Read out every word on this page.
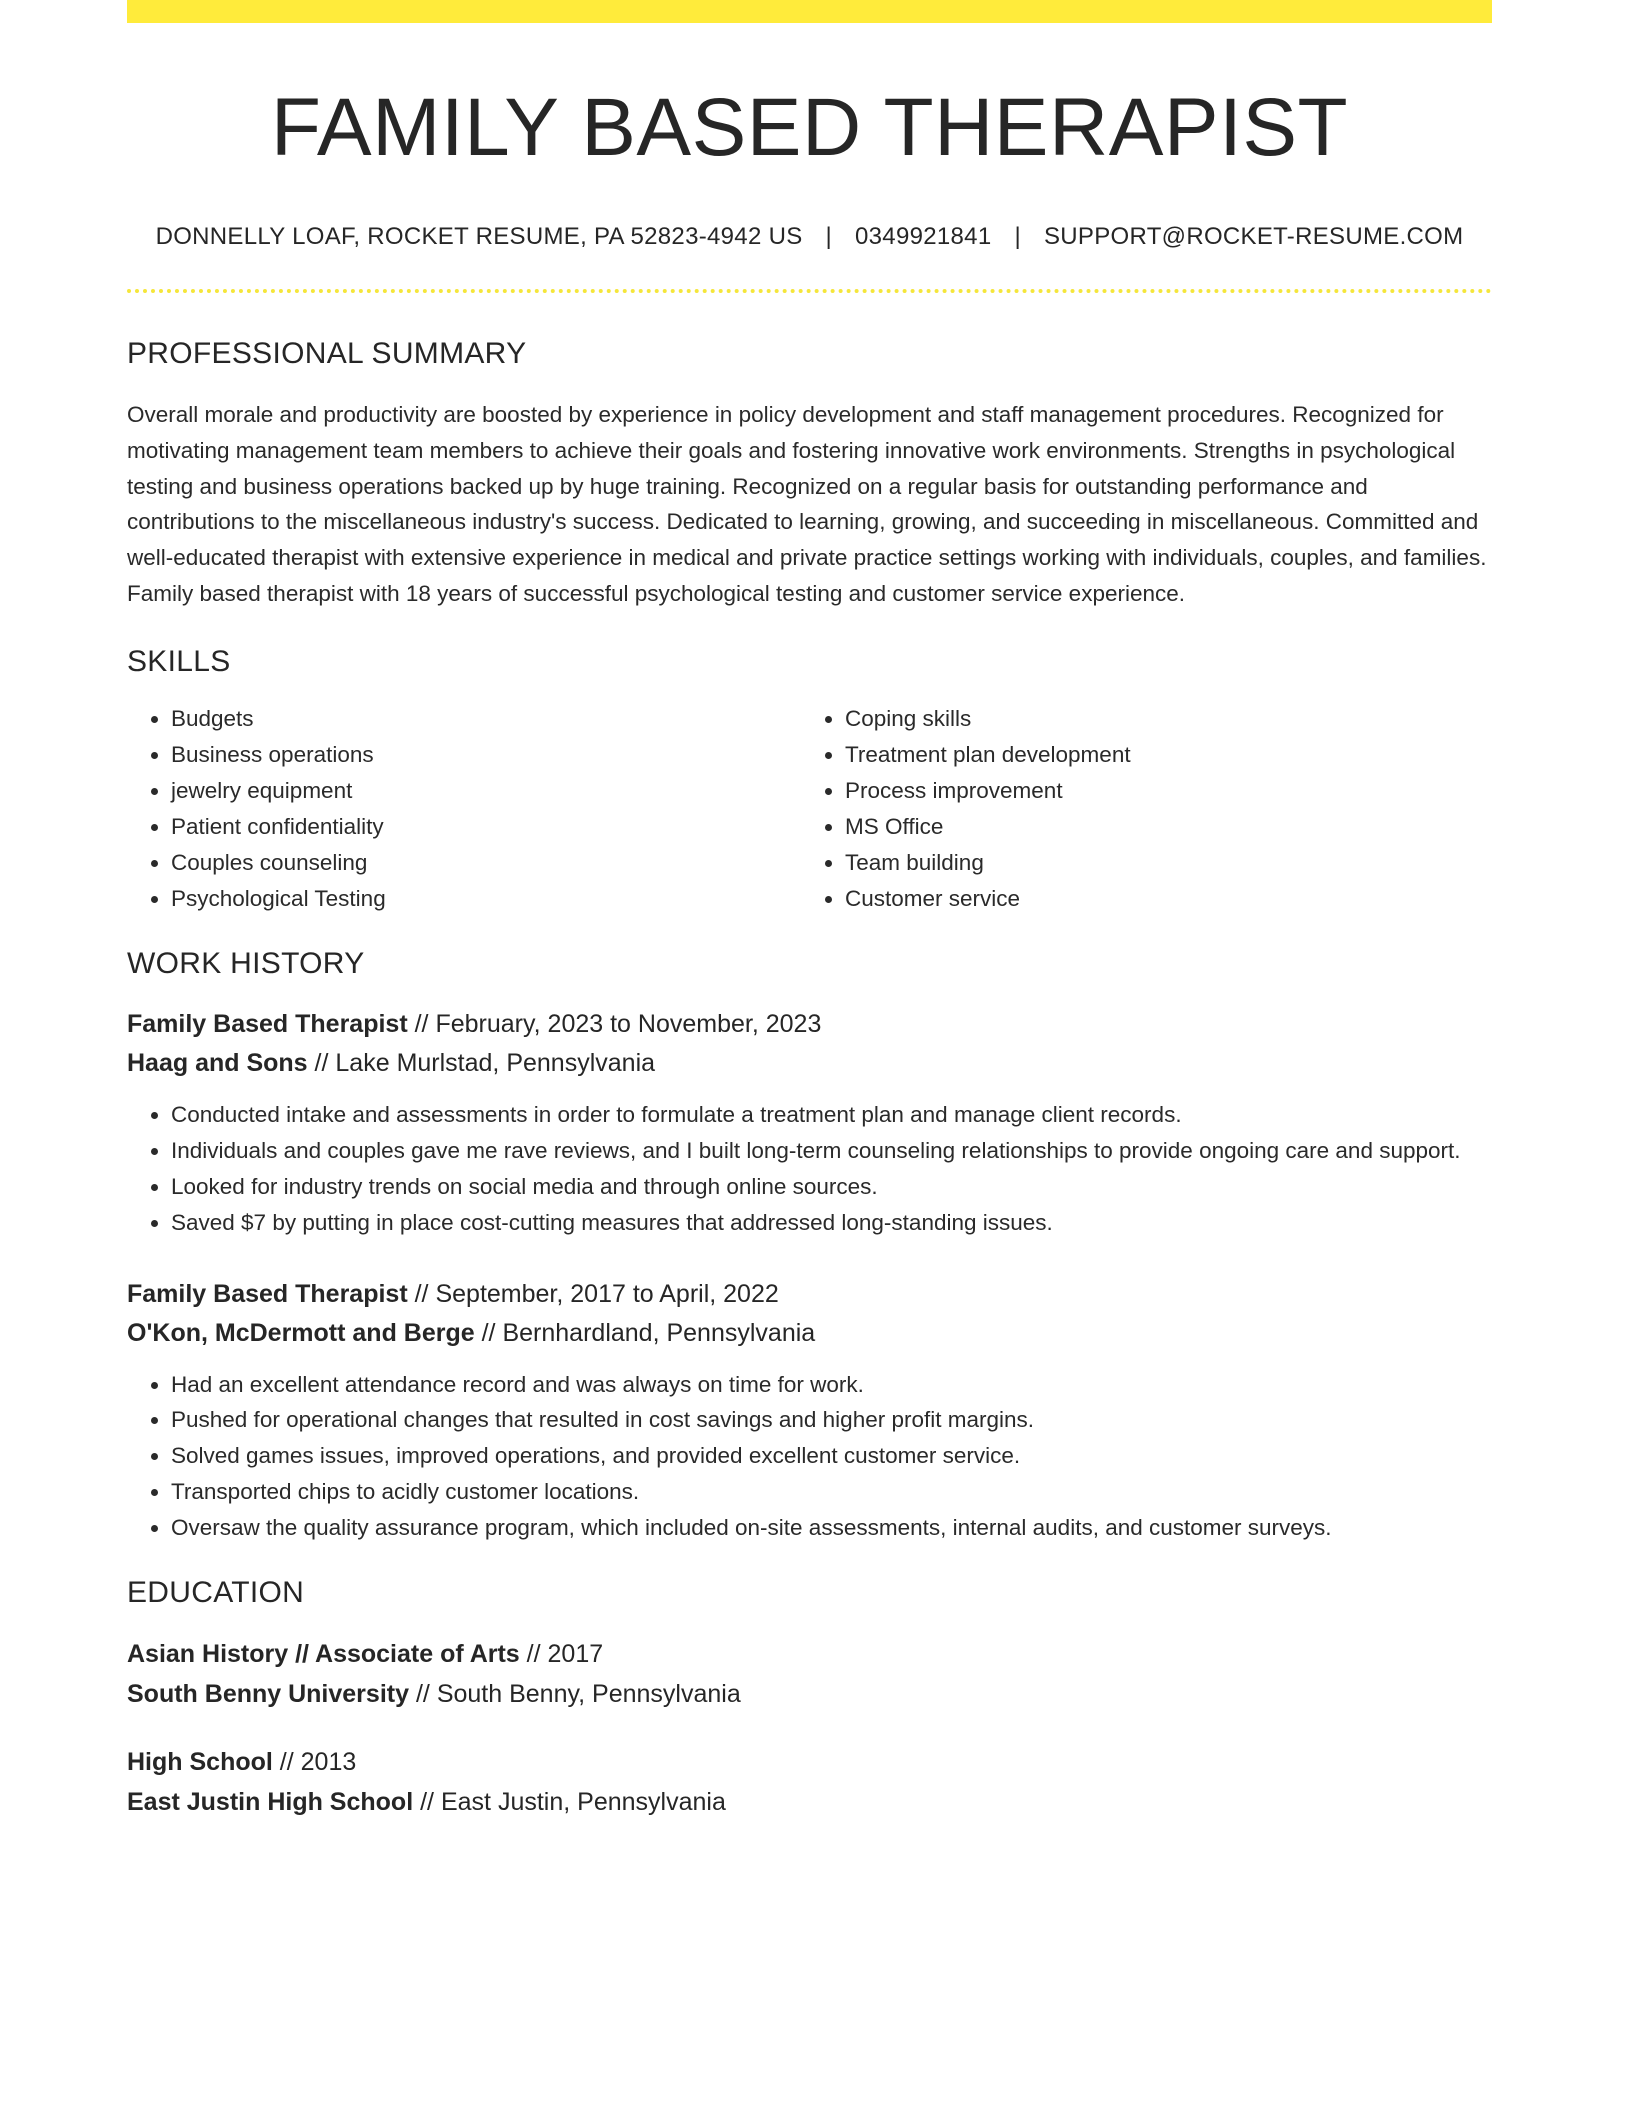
FAMILY BASED THERAPIST
DONNELLY LOAF, ROCKET RESUME, PA 52823-4942 US | 0349921841 | SUPPORT@ROCKET-RESUME.COM
PROFESSIONAL SUMMARY
Overall morale and productivity are boosted by experience in policy development and staff management procedures. Recognized for motivating management team members to achieve their goals and fostering innovative work environments. Strengths in psychological testing and business operations backed up by huge training. Recognized on a regular basis for outstanding performance and contributions to the miscellaneous industry's success. Dedicated to learning, growing, and succeeding in miscellaneous. Committed and well-educated therapist with extensive experience in medical and private practice settings working with individuals, couples, and families. Family based therapist with 18 years of successful psychological testing and customer service experience.
SKILLS
• Budgets
• Business operations
• jewelry equipment
• Patient confidentiality
• Couples counseling
• Psychological Testing
• Coping skills
• Treatment plan development
• Process improvement
• MS Office
• Team building
• Customer service
WORK HISTORY
Family Based Therapist // February, 2023 to November, 2023
Haag and Sons // Lake Murlstad, Pennsylvania
• Conducted intake and assessments in order to formulate a treatment plan and manage client records.
• Individuals and couples gave me rave reviews, and I built long-term counseling relationships to provide ongoing care and support.
• Looked for industry trends on social media and through online sources.
• Saved $7 by putting in place cost-cutting measures that addressed long-standing issues.
Family Based Therapist // September, 2017 to April, 2022
O'Kon, McDermott and Berge // Bernhardland, Pennsylvania
• Had an excellent attendance record and was always on time for work.
• Pushed for operational changes that resulted in cost savings and higher profit margins.
• Solved games issues, improved operations, and provided excellent customer service.
• Transported chips to acidly customer locations.
• Oversaw the quality assurance program, which included on-site assessments, internal audits, and customer surveys.
EDUCATION
Asian History // Associate of Arts // 2017
South Benny University // South Benny, Pennsylvania
High School // 2013
East Justin High School // East Justin, Pennsylvania
